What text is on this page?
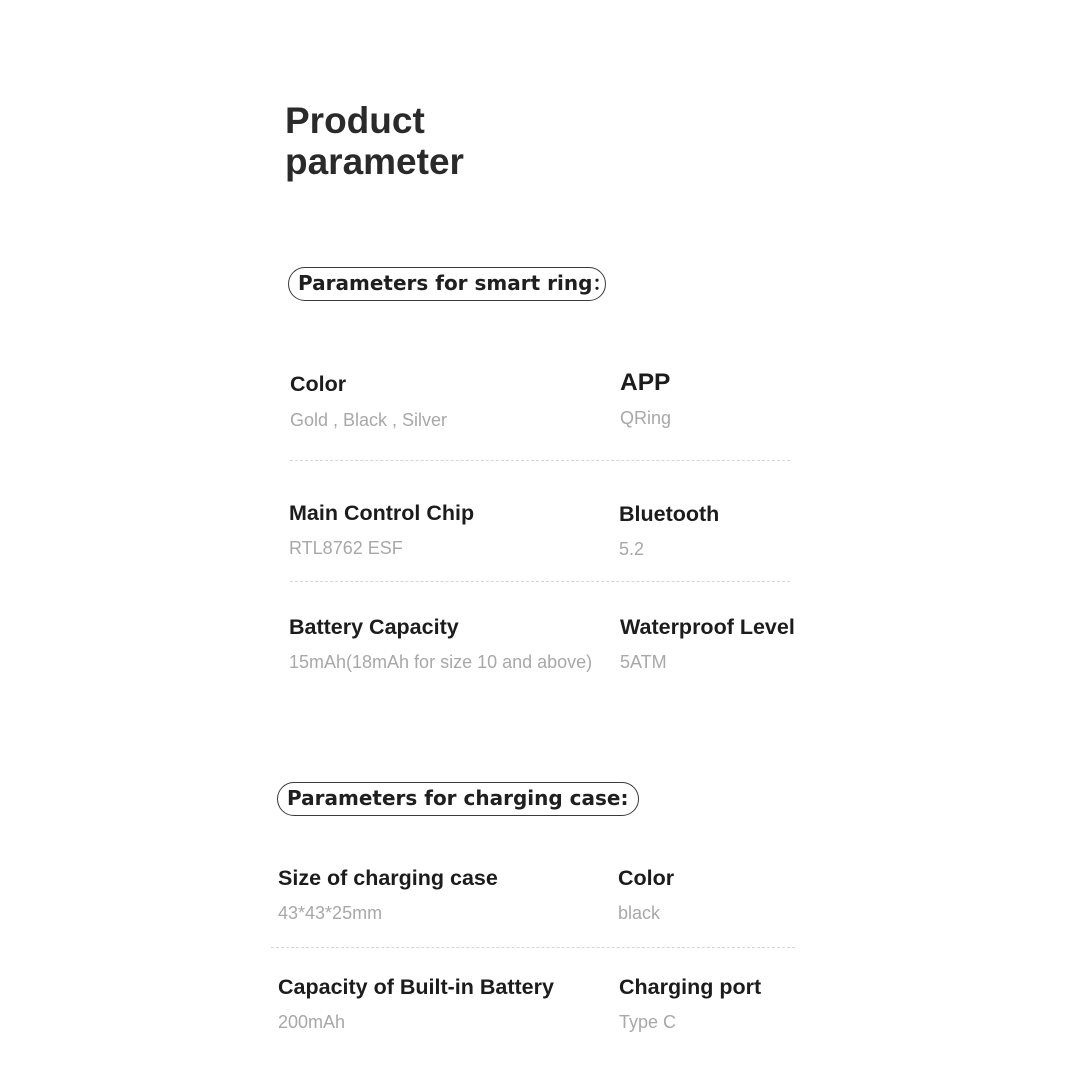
Product
parameter
Parameters for smart ring：
Color
Gold , Black , Silver
APP
QRing
Main Control Chip
RTL8762 ESF
Bluetooth
5.2
Battery Capacity
15mAh(18mAh for size 10 and above)
Waterproof Level
5ATM
Parameters for charging case:
Size of charging case
43*43*25mm
Color
black
Capacity of Built-in Battery
200mAh
Charging port
Type C
